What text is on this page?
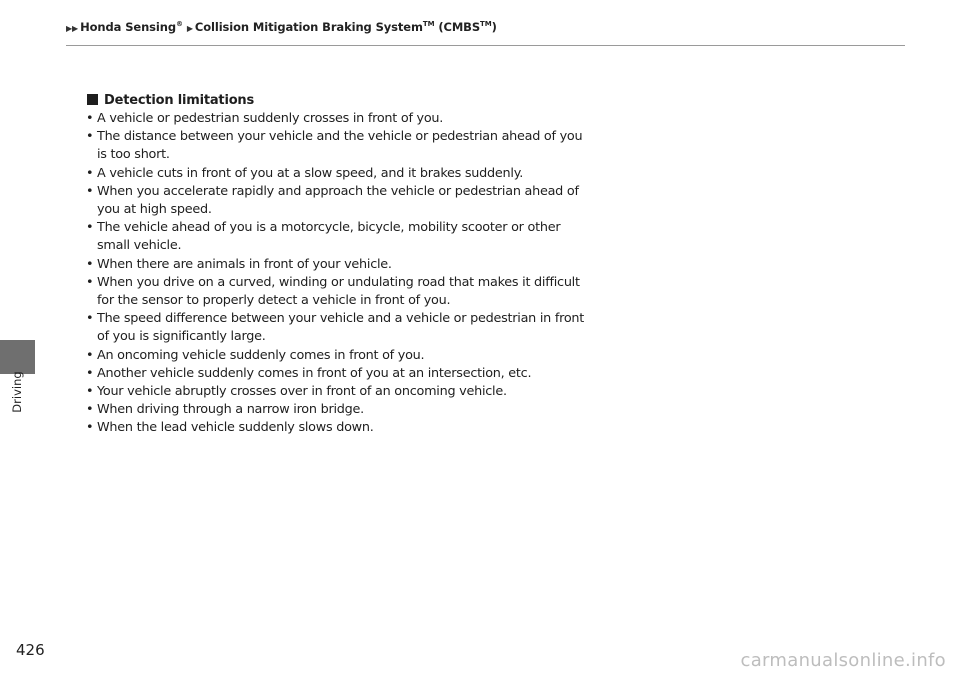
▶▶ Honda Sensing® ▶ Collision Mitigation Braking System™ (CMBS™)
Driving
Detection limitations
• A vehicle or pedestrian suddenly crosses in front of you.
• The distance between your vehicle and the vehicle or pedestrian ahead of you is too short.
• A vehicle cuts in front of you at a slow speed, and it brakes suddenly.
• When you accelerate rapidly and approach the vehicle or pedestrian ahead of you at high speed.
• The vehicle ahead of you is a motorcycle, bicycle, mobility scooter or other small vehicle.
• When there are animals in front of your vehicle.
• When you drive on a curved, winding or undulating road that makes it difficult for the sensor to properly detect a vehicle in front of you.
• The speed difference between your vehicle and a vehicle or pedestrian in front of you is significantly large.
• An oncoming vehicle suddenly comes in front of you.
• Another vehicle suddenly comes in front of you at an intersection, etc.
• Your vehicle abruptly crosses over in front of an oncoming vehicle.
• When driving through a narrow iron bridge.
• When the lead vehicle suddenly slows down.
426	carmanualsonline.info
